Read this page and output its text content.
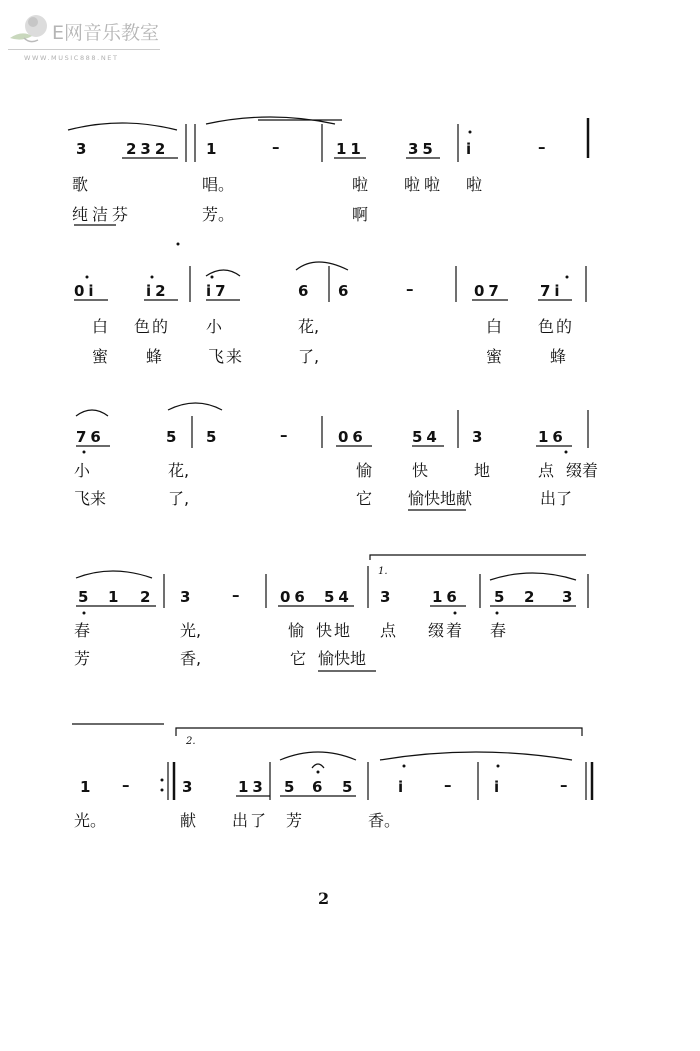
E网音乐教室
WWW.MUSIC888.NET
3	232 1	–	11	35 i	–
歌	唱。	啦 啦啦 啦
纯洁芬	芳。	啊
0i	i2 i7	6 6	–	07 7i
白 色的 小	花,	白 色的
蜜 蜂	飞来	了,	蜜	蜂
76	5 5	–	06	54 3	16
小	花,	愉 快	地	点 缀着
飞来	了,	它 愉快地献	出了
1.
5 1 2 3	–	06 54 3	16 5 2 3
春	光,	愉 快地 点 缀着 春
芳	香,	它 愉快地
2.
1 –	3	13 5 6 5	i	–	i	–
光。	献 出了 芳	香。
2
